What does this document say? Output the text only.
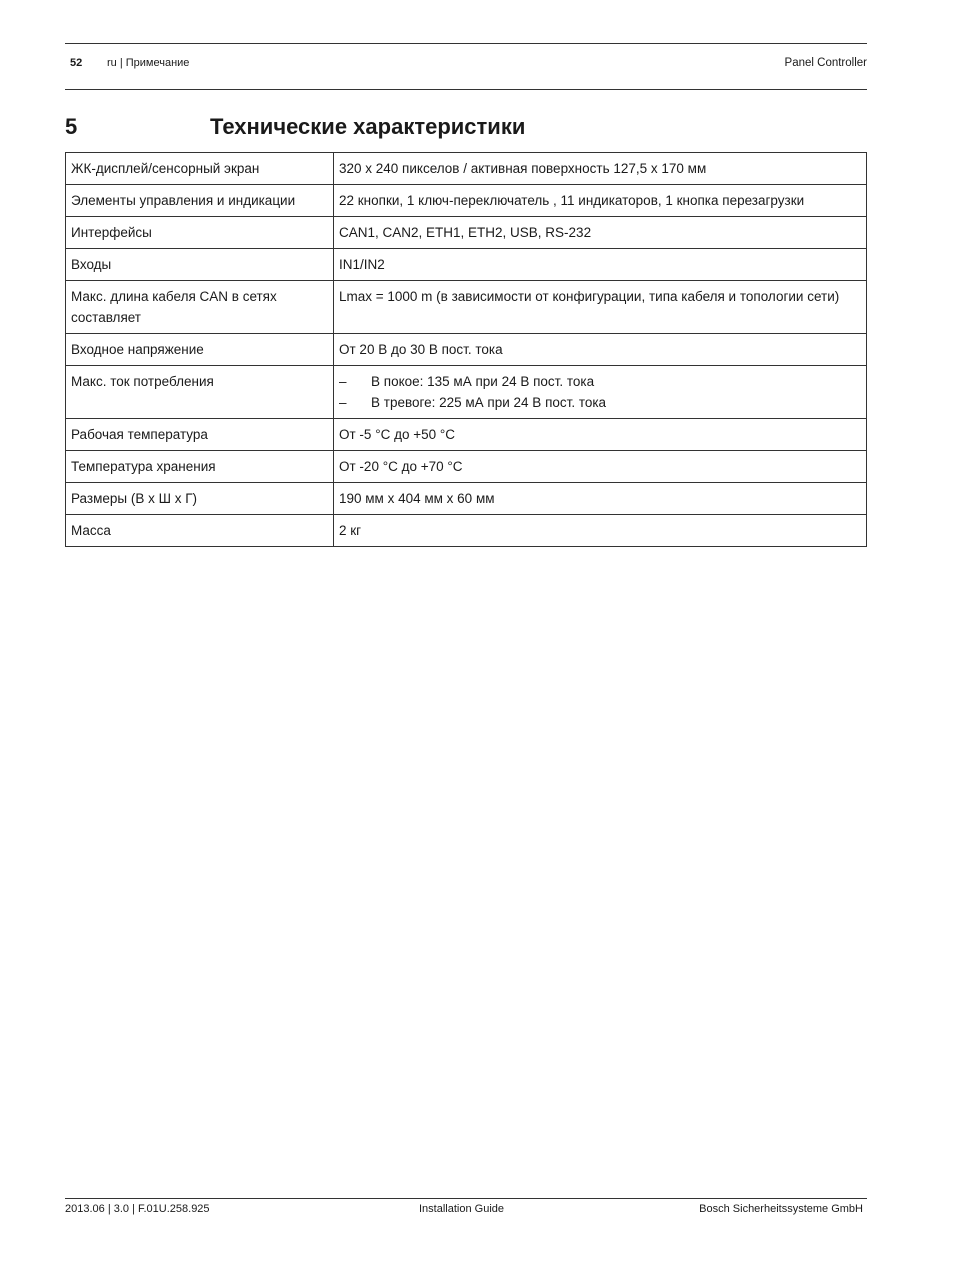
52 ru | Примечание	Panel Controller
5	Технические характеристики
ЖК-дисплей/сенсорный экран	320 x 240 пикселов / активная поверхность 127,5 x 170 мм
Элементы управления и индикации	22 кнопки, 1 ключ-переключатель , 11 индикаторов, 1 кнопка перезагрузки
Интерфейсы	CAN1, CAN2, ETH1, ETH2, USB, RS-232
Входы	IN1/IN2
Макс. длина кабеля CAN в сетях составляет	Lmax = 1000 m (в зависимости от конфигурации, типа кабеля и топологии сети)
Входное напряжение	От 20 В до 30 В пост. тока
Макс. ток потребления	– В покое: 135 мА при 24 В пост. тока
– В тревоге: 225 мА при 24 В пост. тока

Рабочая температура	От -5 °C до +50 °C
Температура хранения	От -20 °C до +70 °C
Размеры (В x Ш x Г)	190 мм x 404 мм x 60 мм
Масса	2 кг
2013.06 | 3.0 | F.01U.258.925	Installation Guide	Bosch Sicherheitssysteme GmbH
